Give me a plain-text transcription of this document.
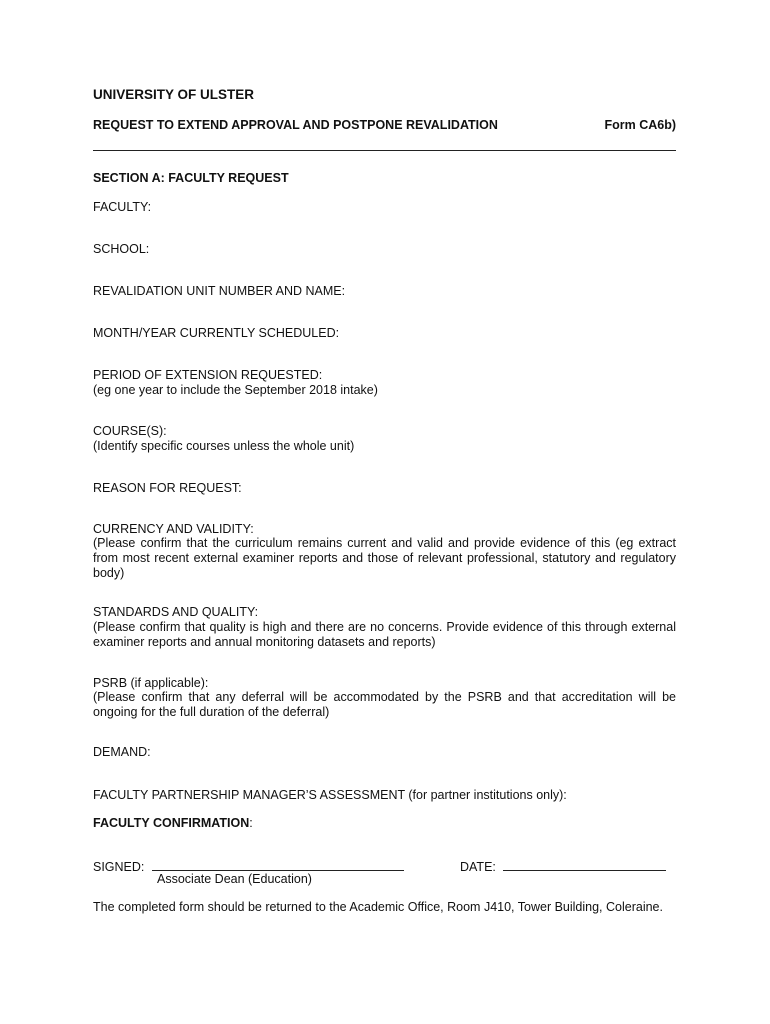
UNIVERSITY OF ULSTER
REQUEST TO EXTEND APPROVAL AND POSTPONE REVALIDATION	Form CA6b)
SECTION A: FACULTY REQUEST
FACULTY:
SCHOOL:
REVALIDATION UNIT NUMBER AND NAME:
MONTH/YEAR CURRENTLY SCHEDULED:
PERIOD OF EXTENSION REQUESTED:
(eg one year to include the September 2018 intake)
COURSE(S):
(Identify specific courses unless the whole unit)
REASON FOR REQUEST:
CURRENCY AND VALIDITY:
(Please confirm that the curriculum remains current and valid and provide evidence of this (eg extract from most recent external examiner reports and those of relevant professional, statutory and regulatory body)
STANDARDS AND QUALITY:
(Please confirm that quality is high and there are no concerns. Provide evidence of this through external examiner reports and annual monitoring datasets and reports)
PSRB (if applicable):
(Please confirm that any deferral will be accommodated by the PSRB and that accreditation will be ongoing for the full duration of the deferral)
DEMAND:
FACULTY PARTNERSHIP MANAGER’S ASSESSMENT (for partner institutions only):
FACULTY CONFIRMATION:
SIGNED:
Associate Dean (Education)
DATE:
The completed form should be returned to the Academic Office, Room J410, Tower Building, Coleraine.
